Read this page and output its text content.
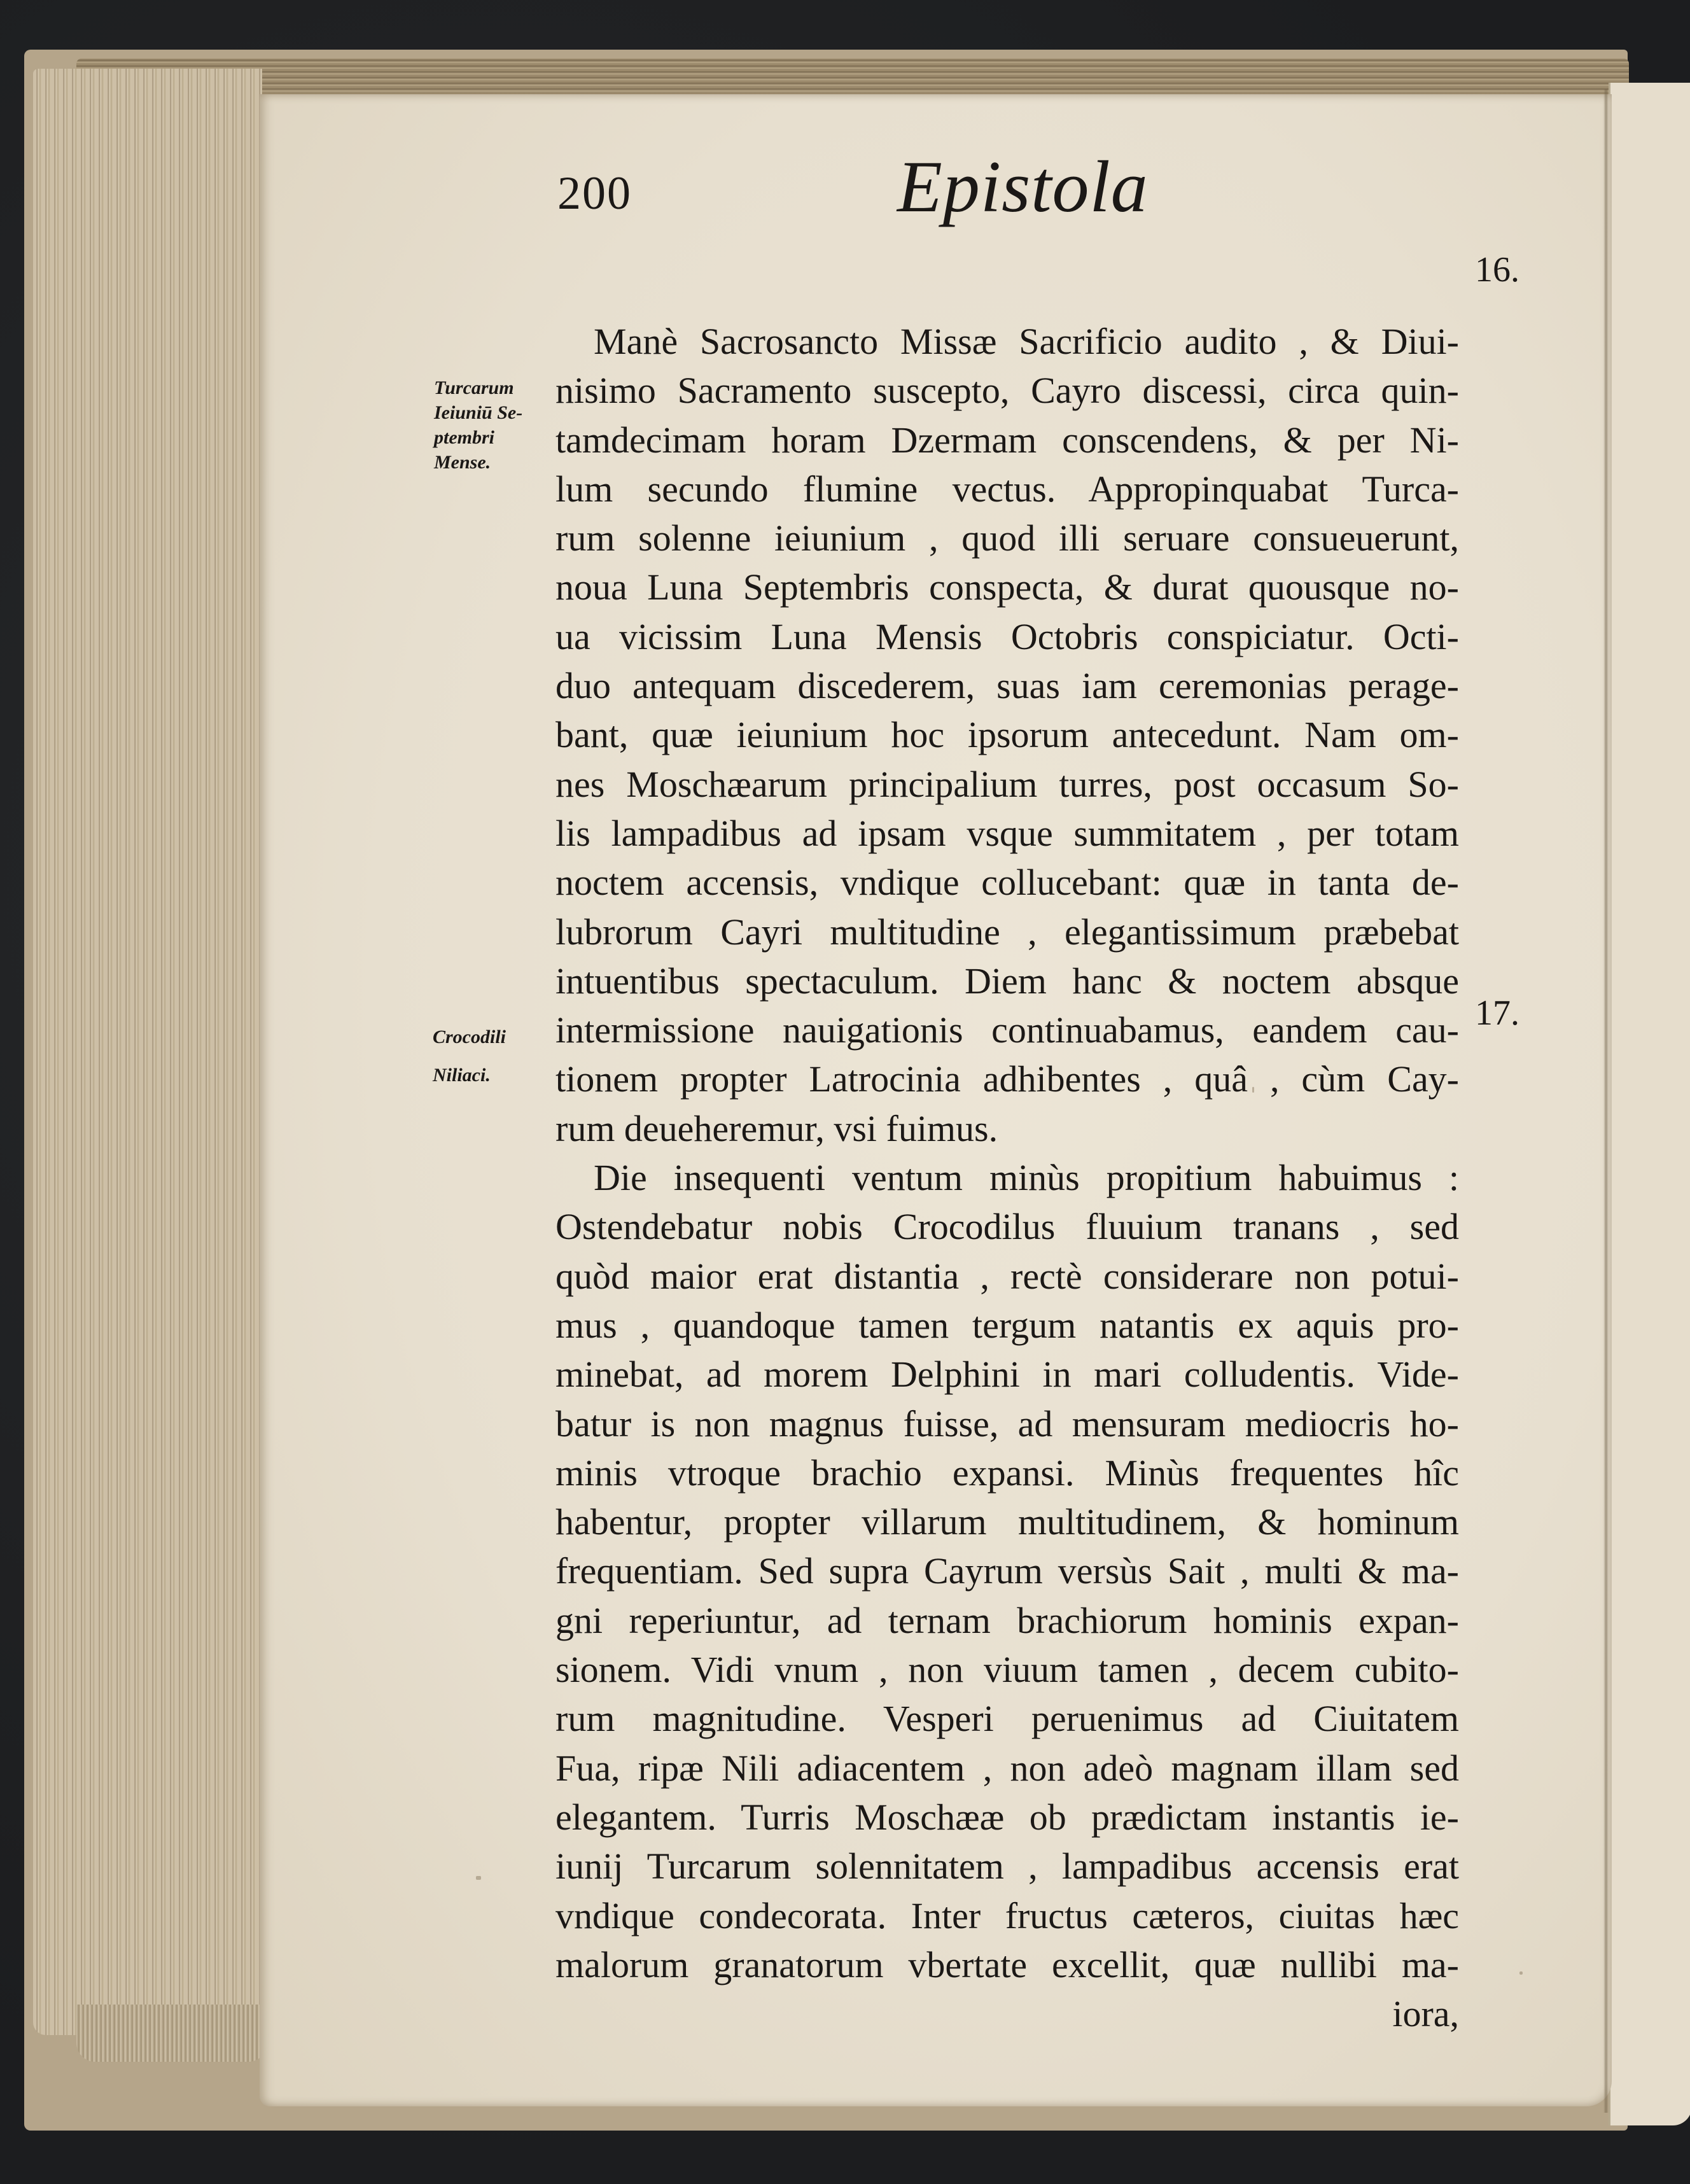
200	Epistola
Turcarum
Ieiuniū Se-
ptembri
Mense.
Crocodili
Niliaci.
16.
17.
Manè Sacrosancto Missæ Sacrificio audito , & Diui-
nisimo Sacramento suscepto, Cayro discessi, circa quin-
tamdecimam horam Dzermam conscendens, & per Ni-
lum secundo flumine vectus. Appropinquabat Turca-
rum solenne ieiunium , quod illi seruare consueuerunt,
noua Luna Septembris conspecta, & durat quousque no-
ua vicissim Luna Mensis Octobris conspiciatur. Octi-
duo antequam discederem, suas iam ceremonias perage-
bant, quæ ieiunium hoc ipsorum antecedunt. Nam om-
nes Moschæarum principalium turres, post occasum So-
lis lampadibus ad ipsam vsque summitatem , per totam
noctem accensis, vndique collucebant: quæ in tanta de-
lubrorum Cayri multitudine , elegantissimum præbebat
intuentibus spectaculum. Diem hanc & noctem absque
intermissione nauigationis continuabamus, eandem cau-
tionem propter Latrocinia adhibentes , quâ , cùm Cay-
rum deueheremur, vsi fuimus.
Die insequenti ventum minùs propitium habuimus :
Ostendebatur nobis Crocodilus fluuium tranans , sed
quòd maior erat distantia , rectè considerare non potui-
mus , quandoque tamen tergum natantis ex aquis pro-
minebat, ad morem Delphini in mari colludentis. Vide-
batur is non magnus fuisse, ad mensuram mediocris ho-
minis vtroque brachio expansi. Minùs frequentes hîc
habentur, propter villarum multitudinem, & hominum
frequentiam. Sed supra Cayrum versùs Sait , multi & ma-
gni reperiuntur, ad ternam brachiorum hominis expan-
sionem. Vidi vnum , non viuum tamen , decem cubito-
rum magnitudine. Vesperi peruenimus ad Ciuitatem
Fua, ripæ Nili adiacentem , non adeò magnam illam sed
elegantem. Turris Moschææ ob prædictam instantis ie-
iunij Turcarum solennitatem , lampadibus accensis erat
vndique condecorata. Inter fructus cæteros, ciuitas hæc
malorum granatorum vbertate excellit, quæ nullibi ma-
iora,
